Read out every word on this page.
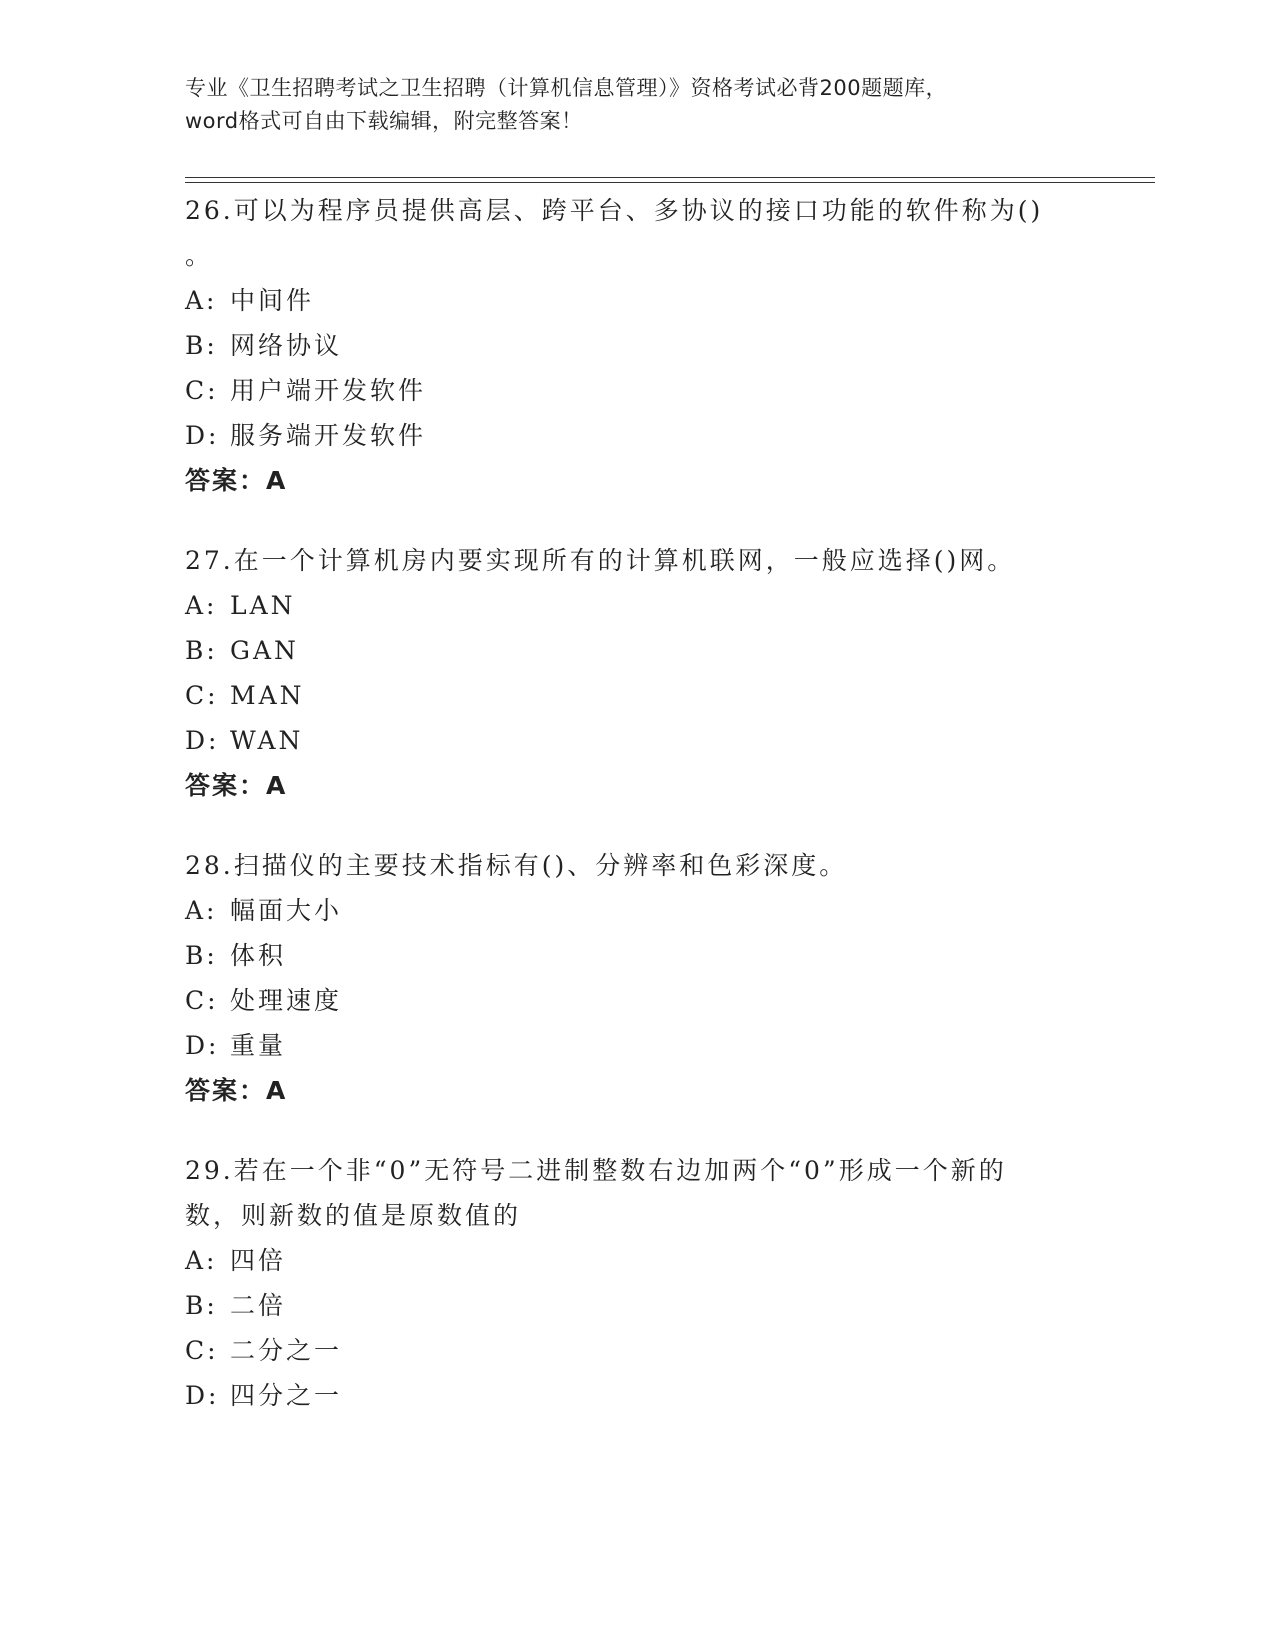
专业《卫生招聘考试之卫生招聘（计算机信息管理）》资格考试必背200题题库，
word格式可自由下载编辑，附完整答案！

26.可以为程序员提供高层、跨平台、多协议的接口功能的软件称为()
。

A: 中间件
B: 网络协议
C: 用户端开发软件
D: 服务端开发软件
答案：A

27.在一个计算机房内要实现所有的计算机联网，一般应选择()网。

A: LAN
B: GAN
C: MAN
D: WAN
答案：A

28.扫描仪的主要技术指标有()、分辨率和色彩深度。

A: 幅面大小
B: 体积
C: 处理速度
D: 重量
答案：A

29.若在一个非“0”无符号二进制整数右边加两个“0”形成一个新的
数，则新数的值是原数值的

A: 四倍
B: 二倍
C: 二分之一
D: 四分之一
